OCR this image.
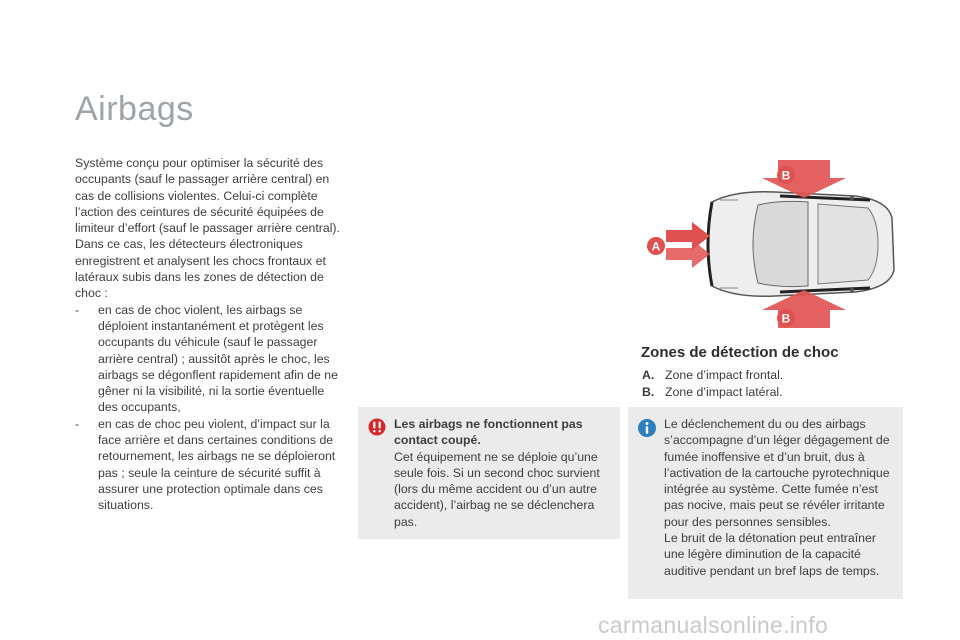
Airbags

Système conçu pour optimiser la sécurité des occupants (sauf le passager arrière central) en cas de collisions violentes. Celui-ci complète l’action des ceintures de sécurité équipées de limiteur d’effort (sauf le passager arrière central).

Dans ce cas, les détecteurs électroniques enregistrent et analysent les chocs frontaux et latéraux subis dans les zones de détection de choc :

- en cas de choc violent, les airbags se déploient instantanément et protègent les occupants du véhicule (sauf le passager arrière central) ; aussitôt après le choc, les airbags se dégonflent rapidement afin de ne gêner ni la visibilité, ni la sortie éventuelle des occupants,
- en cas de choc peu violent, d’impact sur la face arrière et dans certaines conditions de retournement, les airbags ne se déploieront pas ; seule la ceinture de sécurité suffit à assurer une protection optimale dans ces situations.

Les airbags ne fonctionnent pas contact coupé.

Cet équipement ne se déploie qu’une seule fois. Si un second choc survient (lors du même accident ou d’un autre accident), l’airbag ne se déclenchera pas.

A
B
B
Zones de détection de choc
A. Zone d’impact frontal.
B. Zone d’impact latéral.

Le déclenchement du ou des airbags s’accompagne d’un léger dégagement de fumée inoffensive et d’un bruit, dus à l’activation de la cartouche pyrotechnique intégrée au système. Cette fumée n’est pas nocive, mais peut se révéler irritante pour des personnes sensibles.

Le bruit de la détonation peut entraîner une légère diminution de la capacité auditive pendant un bref laps de temps.

carmanualsonline.info
